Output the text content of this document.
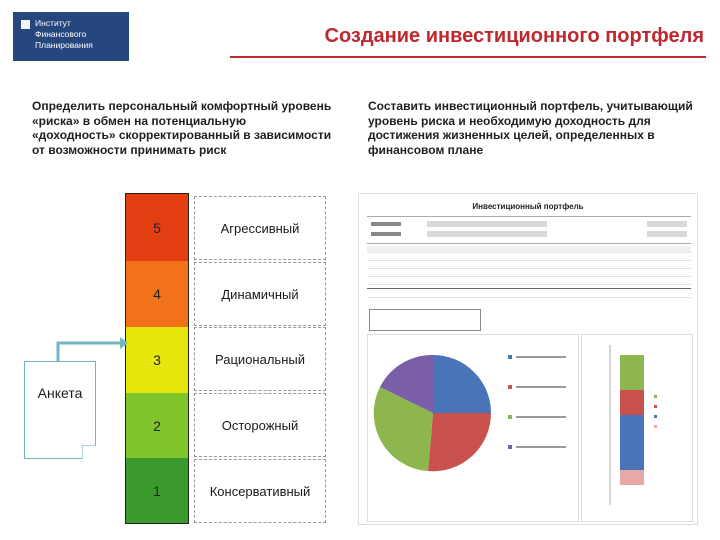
Институт
Финансового
Планирования	Создание инвестиционного портфеля
Определить персональный комфортный уровень «риска» в обмен на потенциальную «доходность» скорректированный в зависимости от возможности принимать риск
Составить инвестиционный портфель, учитывающий уровень риска и необходимую доходность для достижения жизненных целей, определенных в финансовом плане
5
4
3
2
1
Агрессивный
Динамичный
Рациональный
Осторожный
Консервативный
Анкета
Инвестиционный портфель
